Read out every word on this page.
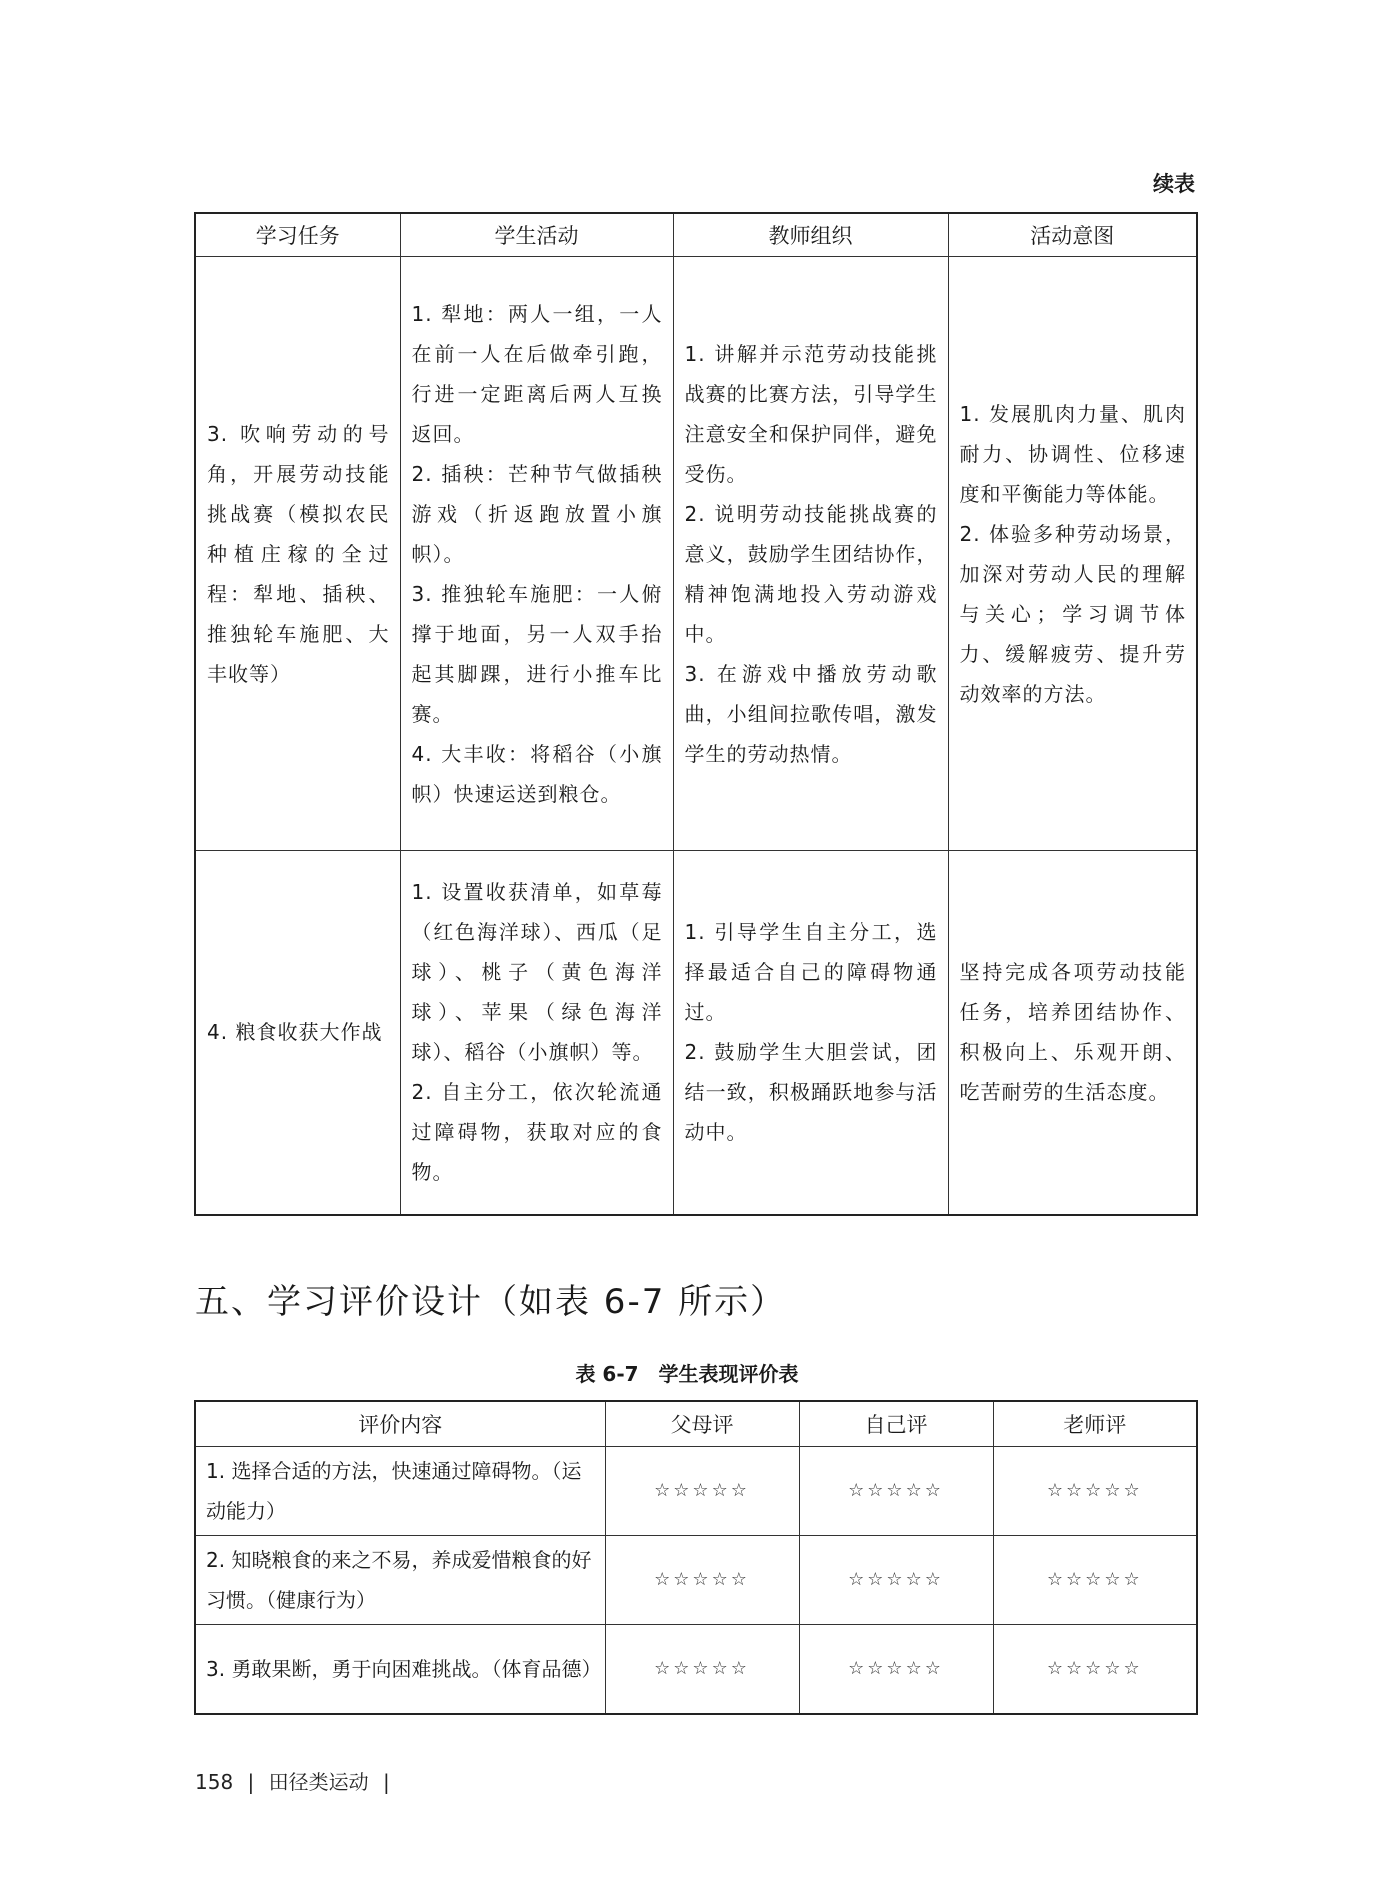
续表
学习任务	学生活动	教师组织	活动意图
3. 吹响劳动的号角，开展劳动技能挑战赛（模拟农民种植庄稼的全过程：犁地、插秧、推独轮车施肥、大丰收等）	1. 犁地：两人一组，一人在前一人在后做牵引跑，行进一定距离后两人互换返回。
2. 插秧：芒种节气做插秧游戏（折返跑放置小旗帜）。
3. 推独轮车施肥：一人俯撑于地面，另一人双手抬起其脚踝，进行小推车比赛。
4. 大丰收：将稻谷（小旗帜）快速运送到粮仓。	1. 讲解并示范劳动技能挑战赛的比赛方法，引导学生注意安全和保护同伴，避免受伤。
2. 说明劳动技能挑战赛的意义，鼓励学生团结协作，精神饱满地投入劳动游戏中。
3. 在游戏中播放劳动歌曲，小组间拉歌传唱，激发学生的劳动热情。	1. 发展肌肉力量、肌肉耐力、协调性、位移速度和平衡能力等体能。
2. 体验多种劳动场景，加深对劳动人民的理解与关心；学习调节体力、缓解疲劳、提升劳动效率的方法。

4. 粮食收获大作战	1. 设置收获清单，如草莓（红色海洋球）、西瓜（足球）、桃子（黄色海洋球）、苹果（绿色海洋球）、稻谷（小旗帜）等。
2. 自主分工，依次轮流通过障碍物，获取对应的食物。	1. 引导学生自主分工，选择最适合自己的障碍物通过。
2. 鼓励学生大胆尝试，团结一致，积极踊跃地参与活动中。	坚持完成各项劳动技能任务，培养团结协作、积极向上、乐观开朗、吃苦耐劳的生活态度。
五、学习评价设计（如表 6-7 所示）
表 6-7　学生表现评价表
评价内容	父母评	自己评	老师评
1. 选择合适的方法，快速通过障碍物。（运动能力）	☆☆☆☆☆	☆☆☆☆☆	☆☆☆☆☆
2. 知晓粮食的来之不易，养成爱惜粮食的好习惯。（健康行为）	☆☆☆☆☆	☆☆☆☆☆	☆☆☆☆☆
3. 勇敢果断，勇于向困难挑战。（体育品德）	☆☆☆☆☆	☆☆☆☆☆	☆☆☆☆☆
158 | 田径类运动 |
